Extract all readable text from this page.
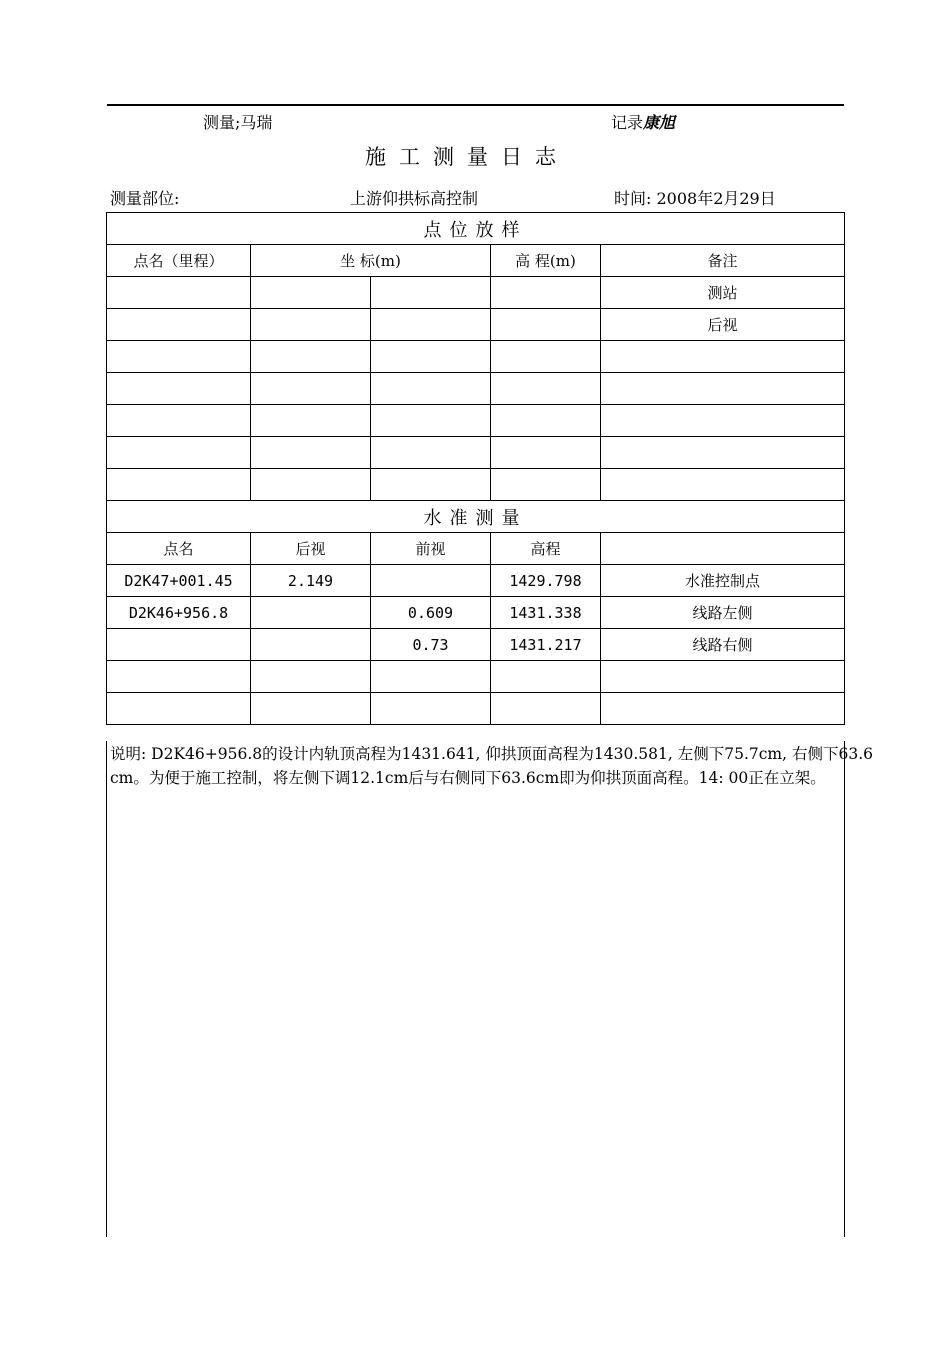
测量;马瑞	记录康旭
施工测量日志
测量部位:	上游仰拱标高控制	时间: 2008年2月29日
点位放样				
点名（里程）	坐 标(m)		高 程(m)	备注
				测站
				后视

水准测量				
点名	后视	前视	高程	
D2K47+001.45	2.149		1429.798	水准控制点
D2K46+956.8		0.609	1431.338	线路左侧
		0.73	1431.217	线路右侧

说明: D2K46+956.8的设计内轨顶高程为1431.641, 仰拱顶面高程为1430.581, 左侧下75.7cm, 右侧下63.6cm。为便于施工控制，将左侧下调12.1cm后与右侧同下63.6cm即为仰拱顶面高程。14: 00正在立架。
